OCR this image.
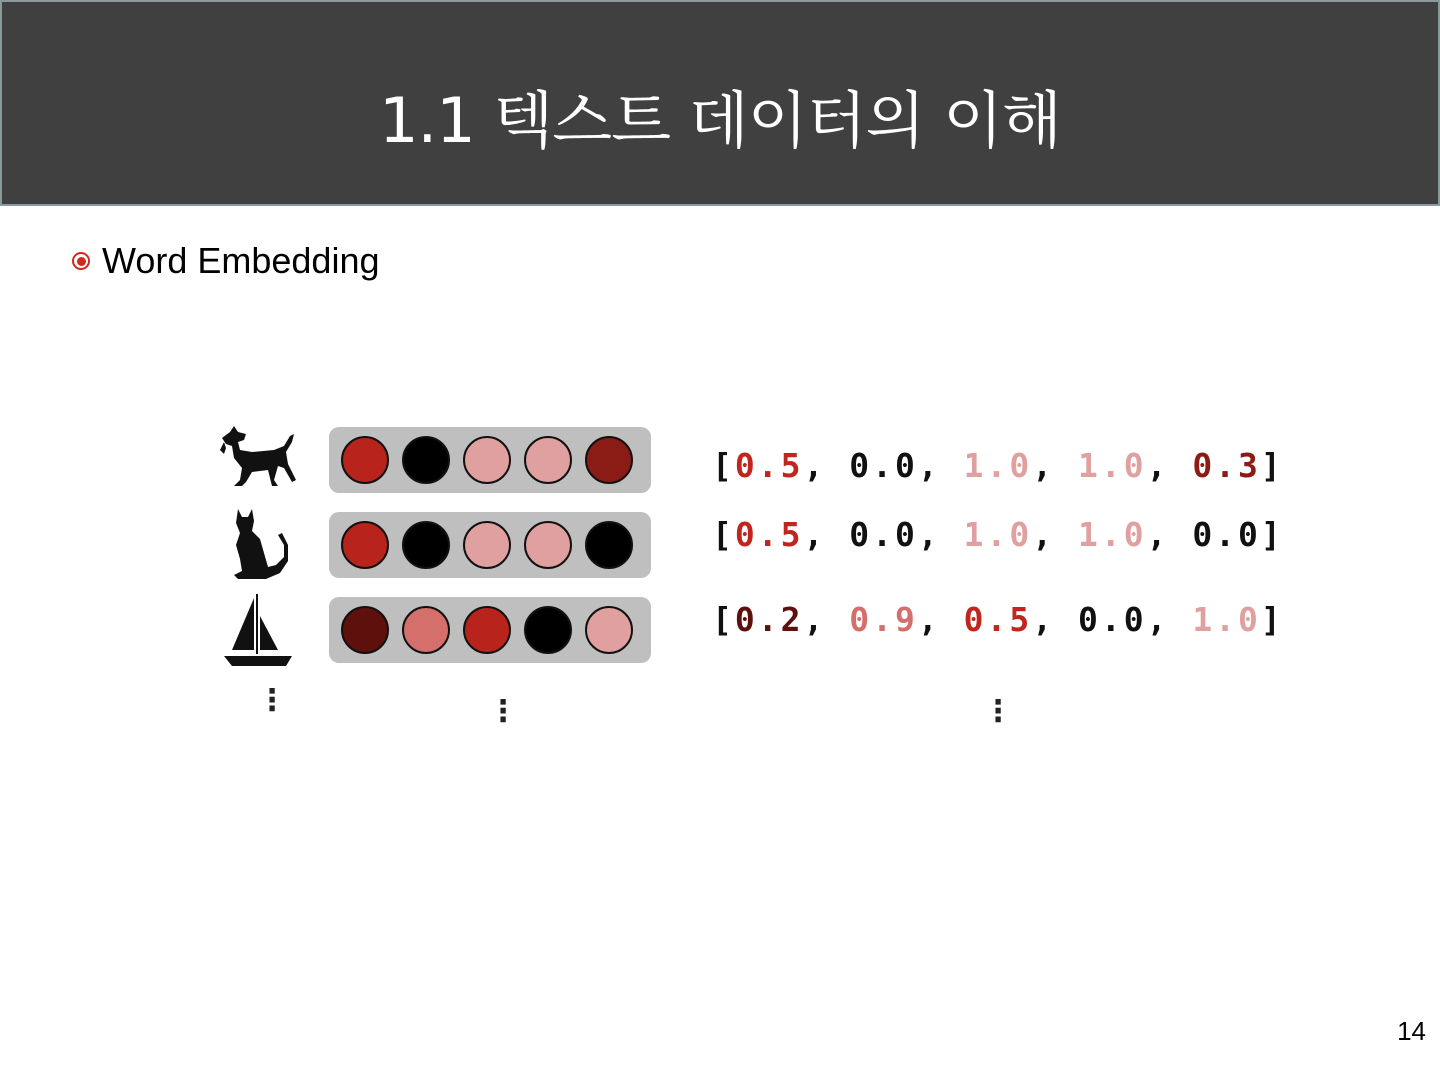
1.1 텍스트 데이터의 이해
Word Embedding
[0.5, 0.0, 1.0, 1.0, 0.3]
[0.5, 0.0, 1.0, 1.0, 0.0]
[0.2, 0.9, 0.5, 0.0, 1.0]
⋮	⋮	⋮
14
